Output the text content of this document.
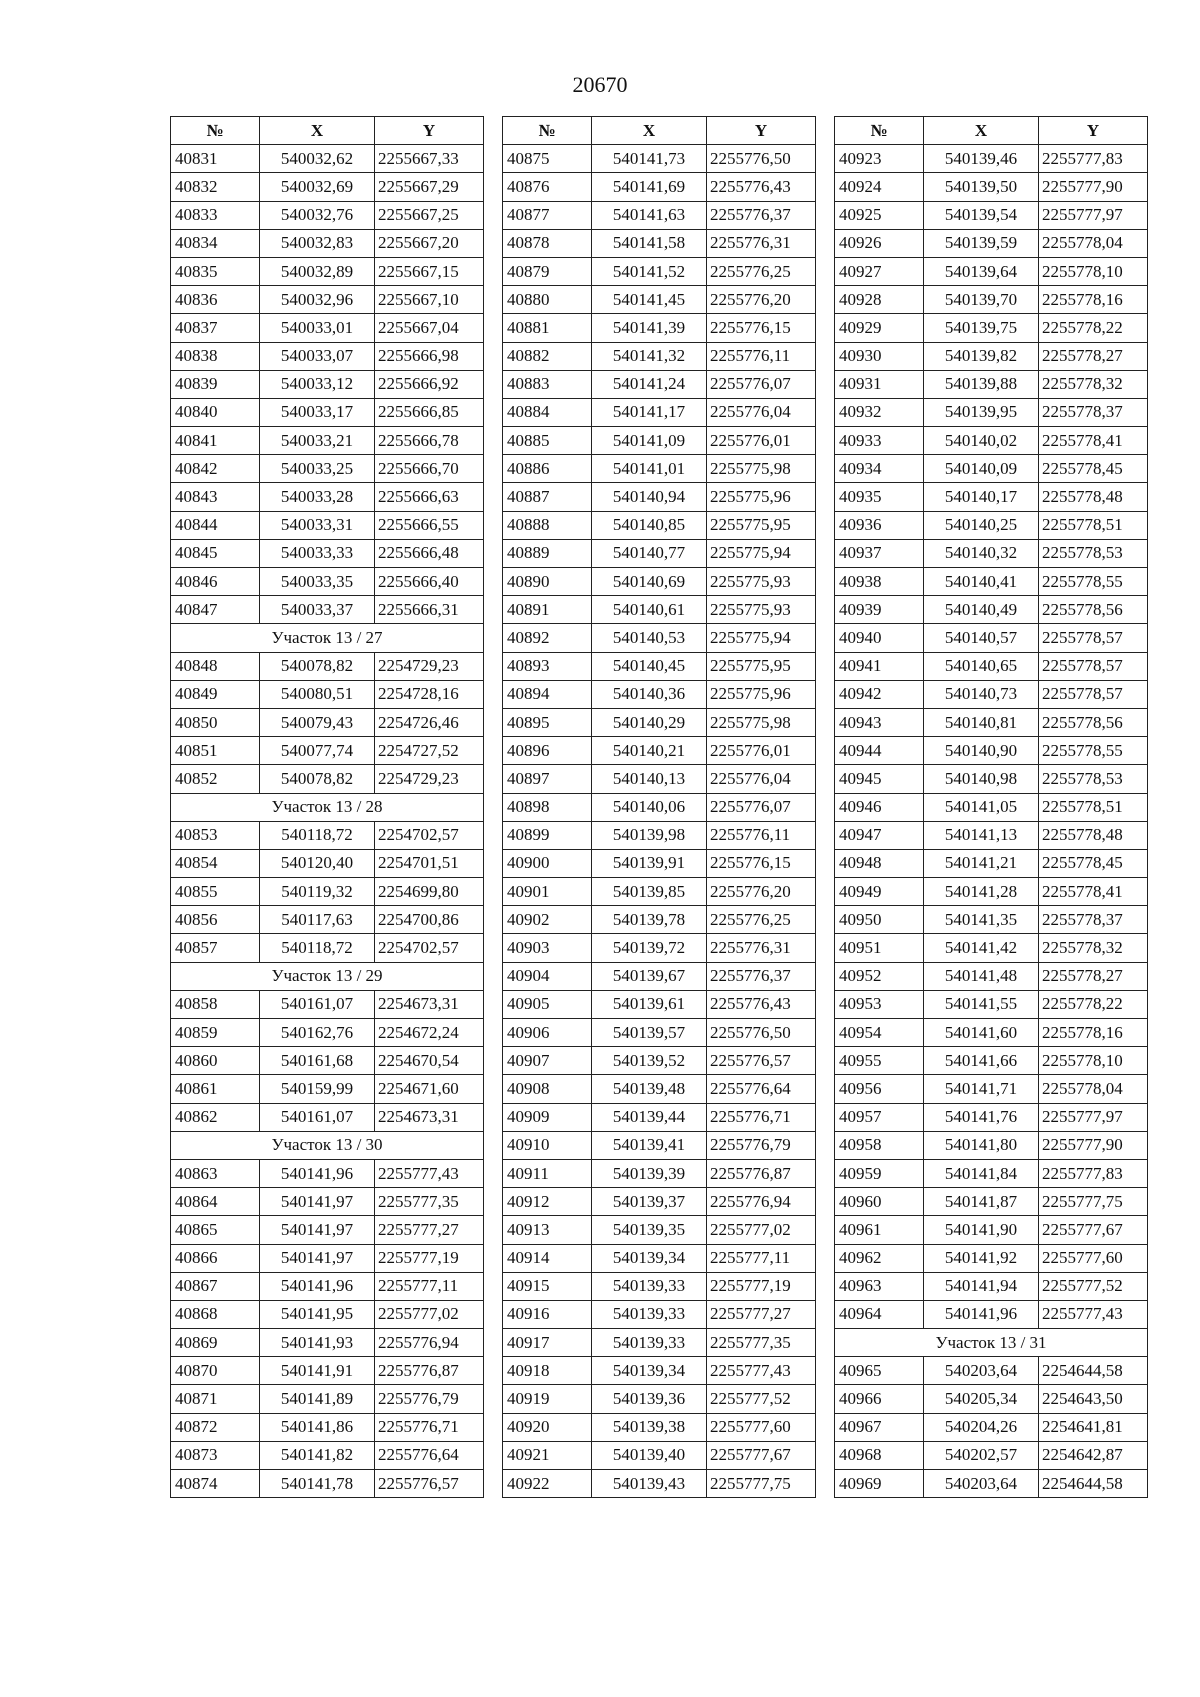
20670
№	X	Y
40831	540032,62	2255667,33
40832	540032,69	2255667,29
40833	540032,76	2255667,25
40834	540032,83	2255667,20
40835	540032,89	2255667,15
40836	540032,96	2255667,10
40837	540033,01	2255667,04
40838	540033,07	2255666,98
40839	540033,12	2255666,92
40840	540033,17	2255666,85
40841	540033,21	2255666,78
40842	540033,25	2255666,70
40843	540033,28	2255666,63
40844	540033,31	2255666,55
40845	540033,33	2255666,48
40846	540033,35	2255666,40
40847	540033,37	2255666,31
Участок 13 / 27		
40848	540078,82	2254729,23
40849	540080,51	2254728,16
40850	540079,43	2254726,46
40851	540077,74	2254727,52
40852	540078,82	2254729,23
Участок 13 / 28		
40853	540118,72	2254702,57
40854	540120,40	2254701,51
40855	540119,32	2254699,80
40856	540117,63	2254700,86
40857	540118,72	2254702,57
Участок 13 / 29		
40858	540161,07	2254673,31
40859	540162,76	2254672,24
40860	540161,68	2254670,54
40861	540159,99	2254671,60
40862	540161,07	2254673,31
Участок 13 / 30		
40863	540141,96	2255777,43
40864	540141,97	2255777,35
40865	540141,97	2255777,27
40866	540141,97	2255777,19
40867	540141,96	2255777,11
40868	540141,95	2255777,02
40869	540141,93	2255776,94
40870	540141,91	2255776,87
40871	540141,89	2255776,79
40872	540141,86	2255776,71
40873	540141,82	2255776,64
40874	540141,78	2255776,57
№	X	Y
40875	540141,73	2255776,50
40876	540141,69	2255776,43
40877	540141,63	2255776,37
40878	540141,58	2255776,31
40879	540141,52	2255776,25
40880	540141,45	2255776,20
40881	540141,39	2255776,15
40882	540141,32	2255776,11
40883	540141,24	2255776,07
40884	540141,17	2255776,04
40885	540141,09	2255776,01
40886	540141,01	2255775,98
40887	540140,94	2255775,96
40888	540140,85	2255775,95
40889	540140,77	2255775,94
40890	540140,69	2255775,93
40891	540140,61	2255775,93
40892	540140,53	2255775,94
40893	540140,45	2255775,95
40894	540140,36	2255775,96
40895	540140,29	2255775,98
40896	540140,21	2255776,01
40897	540140,13	2255776,04
40898	540140,06	2255776,07
40899	540139,98	2255776,11
40900	540139,91	2255776,15
40901	540139,85	2255776,20
40902	540139,78	2255776,25
40903	540139,72	2255776,31
40904	540139,67	2255776,37
40905	540139,61	2255776,43
40906	540139,57	2255776,50
40907	540139,52	2255776,57
40908	540139,48	2255776,64
40909	540139,44	2255776,71
40910	540139,41	2255776,79
40911	540139,39	2255776,87
40912	540139,37	2255776,94
40913	540139,35	2255777,02
40914	540139,34	2255777,11
40915	540139,33	2255777,19
40916	540139,33	2255777,27
40917	540139,33	2255777,35
40918	540139,34	2255777,43
40919	540139,36	2255777,52
40920	540139,38	2255777,60
40921	540139,40	2255777,67
40922	540139,43	2255777,75
№	X	Y
40923	540139,46	2255777,83
40924	540139,50	2255777,90
40925	540139,54	2255777,97
40926	540139,59	2255778,04
40927	540139,64	2255778,10
40928	540139,70	2255778,16
40929	540139,75	2255778,22
40930	540139,82	2255778,27
40931	540139,88	2255778,32
40932	540139,95	2255778,37
40933	540140,02	2255778,41
40934	540140,09	2255778,45
40935	540140,17	2255778,48
40936	540140,25	2255778,51
40937	540140,32	2255778,53
40938	540140,41	2255778,55
40939	540140,49	2255778,56
40940	540140,57	2255778,57
40941	540140,65	2255778,57
40942	540140,73	2255778,57
40943	540140,81	2255778,56
40944	540140,90	2255778,55
40945	540140,98	2255778,53
40946	540141,05	2255778,51
40947	540141,13	2255778,48
40948	540141,21	2255778,45
40949	540141,28	2255778,41
40950	540141,35	2255778,37
40951	540141,42	2255778,32
40952	540141,48	2255778,27
40953	540141,55	2255778,22
40954	540141,60	2255778,16
40955	540141,66	2255778,10
40956	540141,71	2255778,04
40957	540141,76	2255777,97
40958	540141,80	2255777,90
40959	540141,84	2255777,83
40960	540141,87	2255777,75
40961	540141,90	2255777,67
40962	540141,92	2255777,60
40963	540141,94	2255777,52
40964	540141,96	2255777,43
Участок 13 / 31		
40965	540203,64	2254644,58
40966	540205,34	2254643,50
40967	540204,26	2254641,81
40968	540202,57	2254642,87
40969	540203,64	2254644,58
